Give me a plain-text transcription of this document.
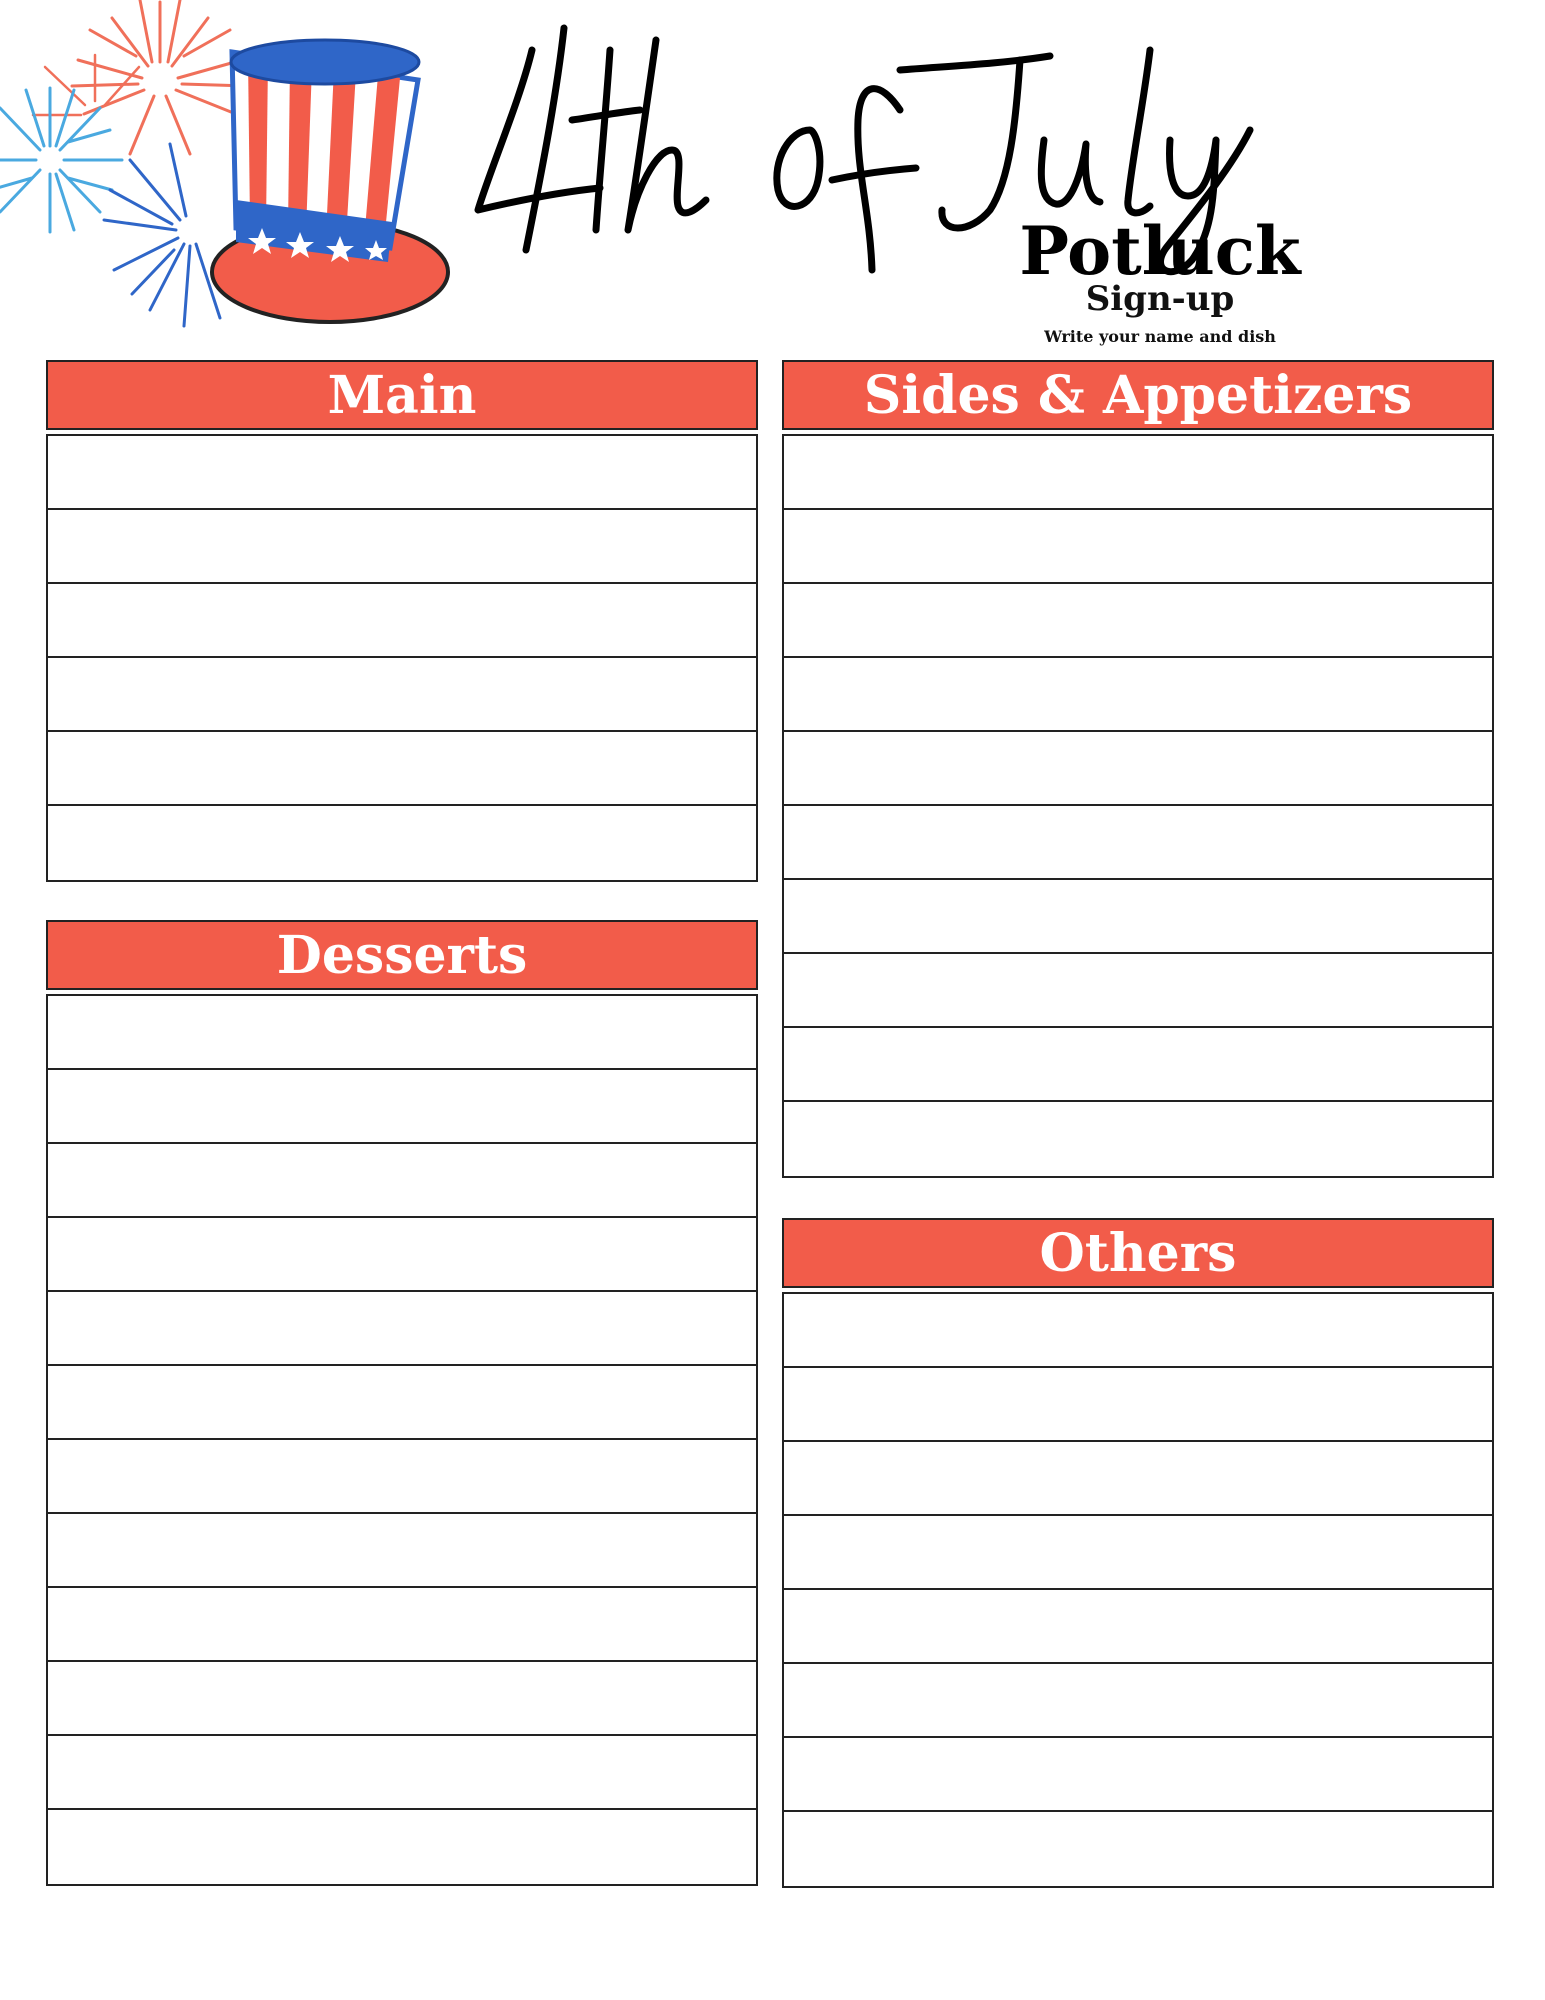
Potluck
Sign-up
Write your name and dish
Main
Desserts
Sides & Appetizers
Others
